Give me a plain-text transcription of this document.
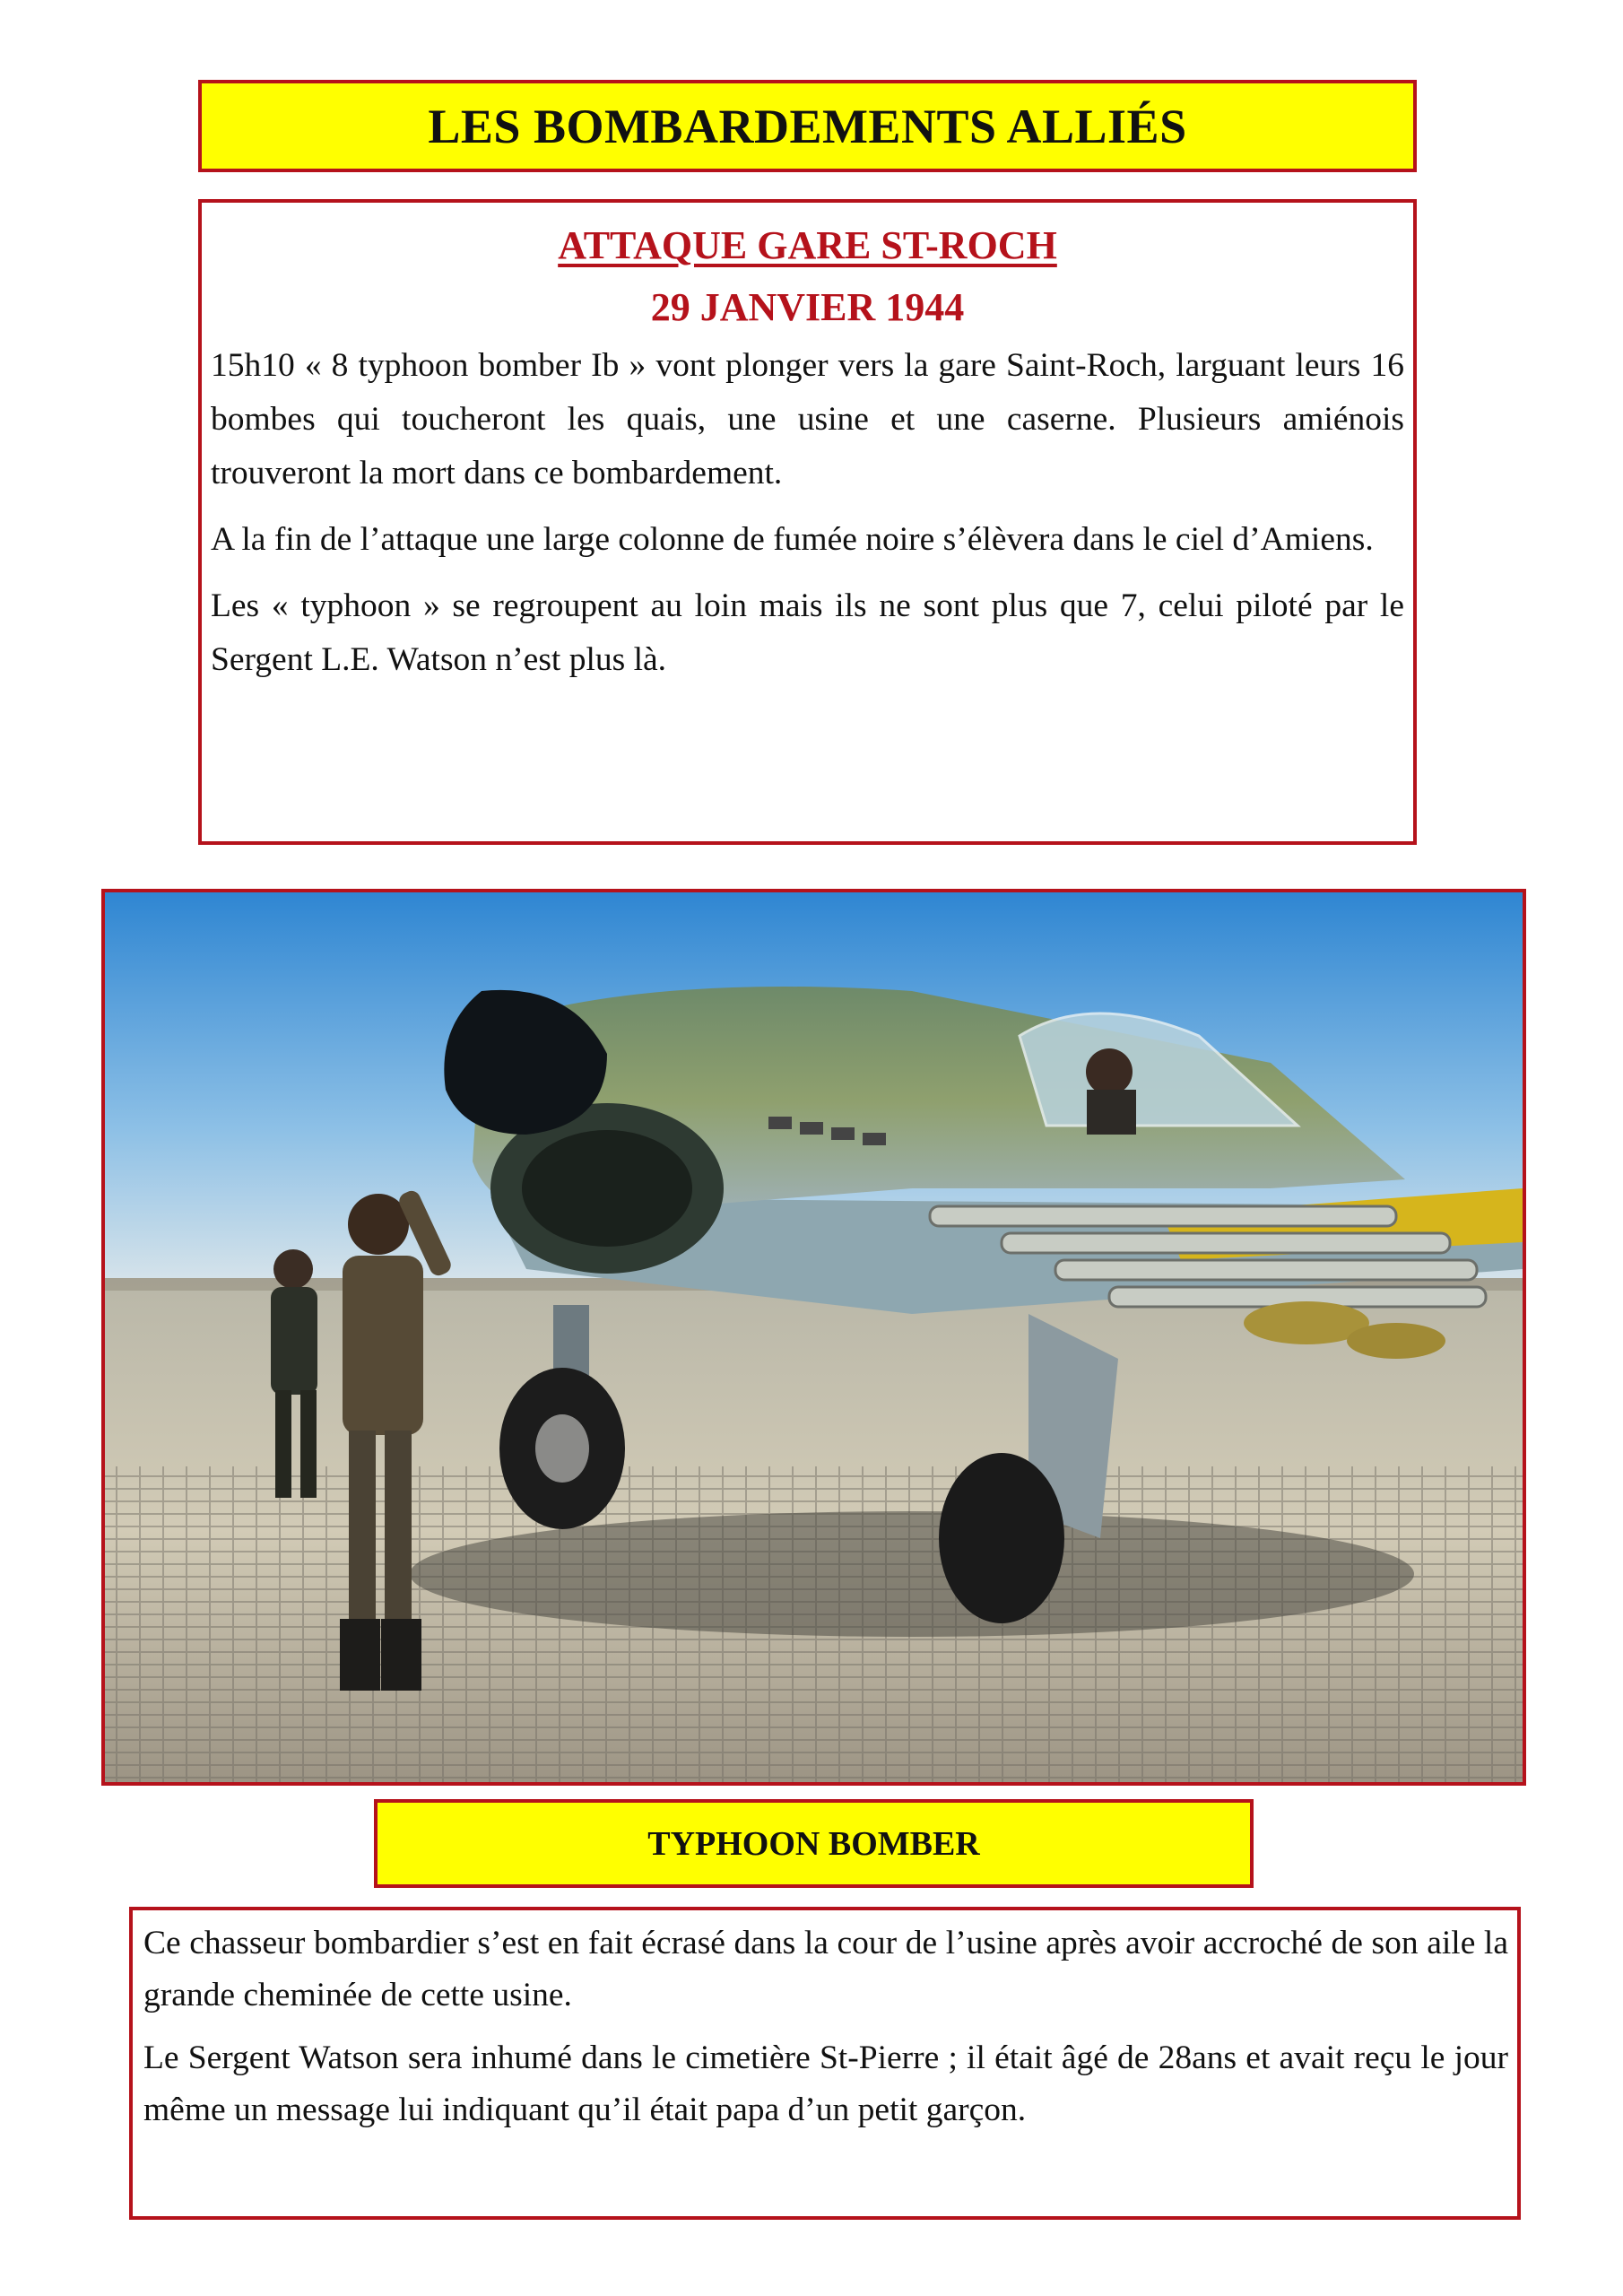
LES BOMBARDEMENTS ALLIÉS
ATTAQUE GARE ST-ROCH
29 JANVIER 1944

15h10 « 8 typhoon bomber Ib » vont plonger vers la gare Saint-Roch, larguant leurs 16 bombes qui toucheront les quais, une usine et une caserne. Plusieurs amiénois trouveront la mort dans ce bombardement.

A la fin de l’attaque une large colonne de fumée noire s’élèvera dans le ciel d’Amiens.

Les « typhoon » se regroupent au loin mais ils ne sont plus que 7, celui piloté par le Sergent L.E. Watson n’est plus là.

TYPHOON BOMBER

Ce chasseur bombardier s’est en fait écrasé dans la cour de l’usine après avoir accroché de son aile la grande cheminée de cette usine.

Le Sergent Watson sera inhumé dans le cimetière St-Pierre ; il était âgé de 28ans et avait reçu le jour même un message lui indiquant qu’il était papa d’un petit garçon.
